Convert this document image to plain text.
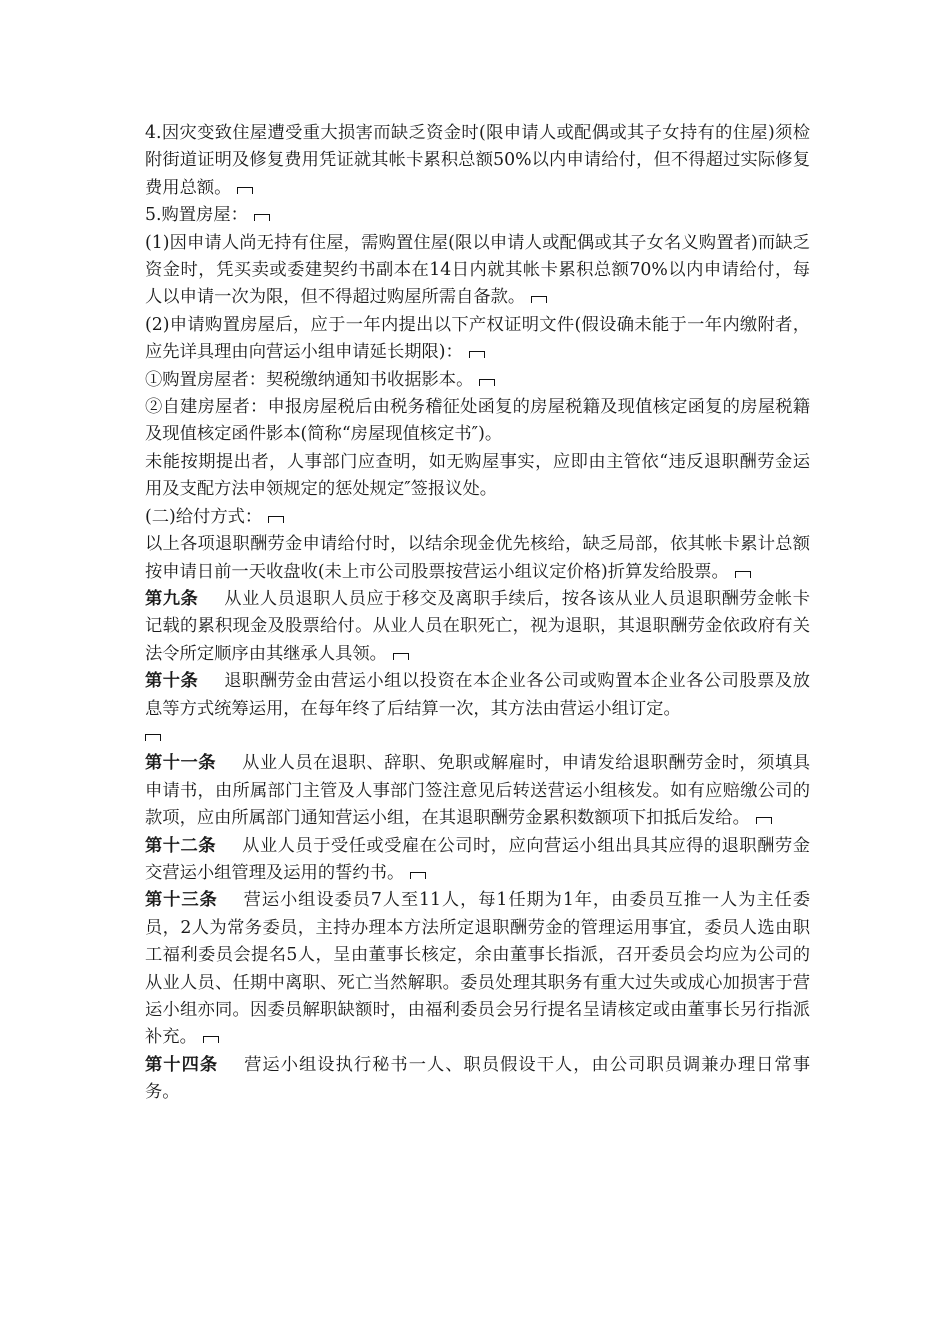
4.因灾变致住屋遭受重大损害而缺乏资金时(限申请人或配偶或其子女持有的住屋)须检附街道证明及修复费用凭证就其帐卡累积总额50%以内申请给付，但不得超过实际修复费用总额。

5.购置房屋：

(1)因申请人尚无持有住屋，需购置住屋(限以申请人或配偶或其子女名义购置者)而缺乏资金时，凭买卖或委建契约书副本在14日内就其帐卡累积总额70%以内申请给付，每人以申请一次为限，但不得超过购屋所需自备款。

(2)申请购置房屋后，应于一年内提出以下产权证明文件(假设确未能于一年内缴附者，应先详具理由向营运小组申请延长期限)：

①购置房屋者：契税缴纳通知书收据影本。

②自建房屋者：申报房屋税后由税务稽征处函复的房屋税籍及现值核定函复的房屋税籍及现值核定函件影本(简称“房屋现值核定书″)。

未能按期提出者，人事部门应查明，如无购屋事实，应即由主管依“违反退职酬劳金运用及支配方法申领规定的惩处规定″签报议处。

(二)给付方式：

以上各项退职酬劳金申请给付时，以结余现金优先核给，缺乏局部，依其帐卡累计总额按申请日前一天收盘收(未上市公司股票按营运小组议定价格)折算发给股票。

第九条 从业人员退职人员应于移交及离职手续后，按各该从业人员退职酬劳金帐卡记载的累积现金及股票给付。从业人员在职死亡，视为退职，其退职酬劳金依政府有关法令所定顺序由其继承人具领。

第十条 退职酬劳金由营运小组以投资在本企业各公司或购置本企业各公司股票及放息等方式统筹运用，在每年终了后结算一次，其方法由营运小组订定。

第十一条 从业人员在退职、辞职、免职或解雇时，申请发给退职酬劳金时，须填具申请书，由所属部门主管及人事部门签注意见后转送营运小组核发。如有应赔缴公司的款项，应由所属部门通知营运小组，在其退职酬劳金累积数额项下扣抵后发给。

第十二条 从业人员于受任或受雇在公司时，应向营运小组出具其应得的退职酬劳金交营运小组管理及运用的誓约书。

第十三条 营运小组设委员7人至11人，每1任期为1年，由委员互推一人为主任委员，2人为常务委员，主持办理本方法所定退职酬劳金的管理运用事宜，委员人选由职工福利委员会提名5人，呈由董事长核定，余由董事长指派，召开委员会均应为公司的从业人员、任期中离职、死亡当然解职。委员处理其职务有重大过失或成心加损害于营运小组亦同。因委员解职缺额时，由福利委员会另行提名呈请核定或由董事长另行指派补充。

第十四条 营运小组设执行秘书一人、职员假设干人，由公司职员调兼办理日常事务。
